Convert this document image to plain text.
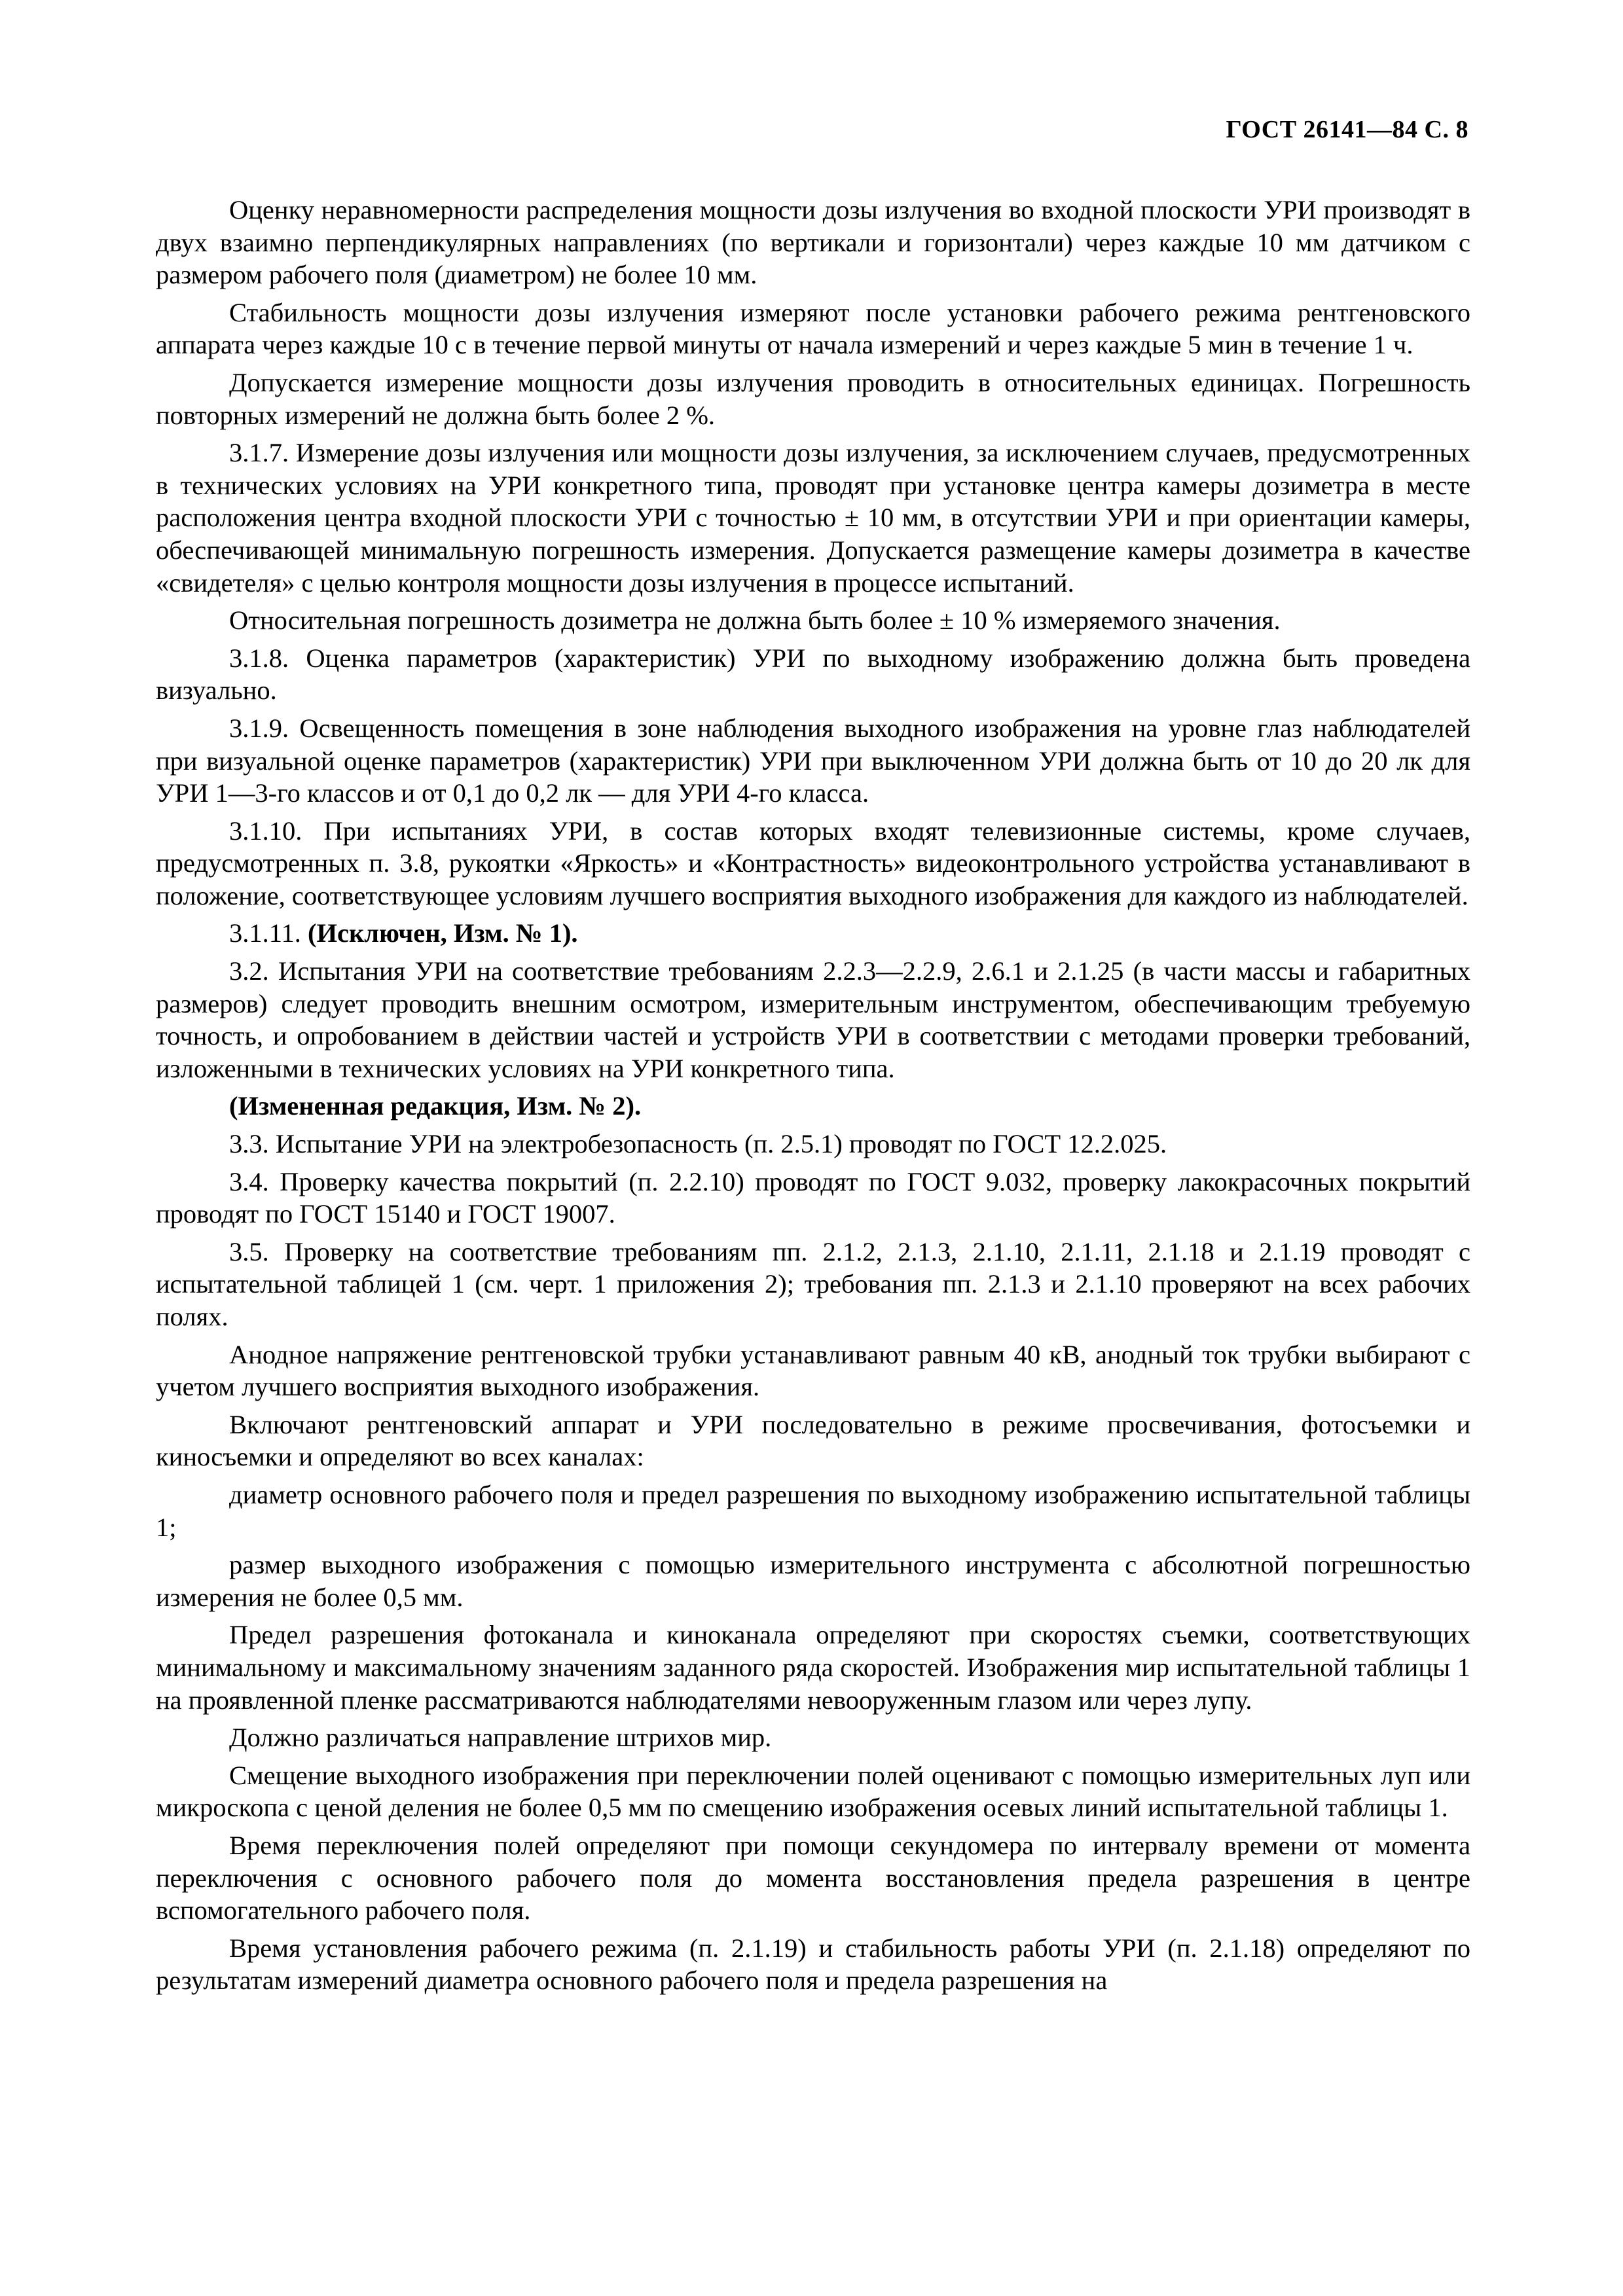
ГОСТ 26141—84 С. 8

Оценку неравномерности распределения мощности дозы излучения во входной плоскости УРИ производят в двух взаимно перпендикулярных направлениях (по вертикали и горизонтали) через каждые 10 мм датчиком с размером рабочего поля (диаметром) не более 10 мм.

Стабильность мощности дозы излучения измеряют после установки рабочего режима рентгеновского аппарата через каждые 10 с в течение первой минуты от начала измерений и через каждые 5 мин в течение 1 ч.

Допускается измерение мощности дозы излучения проводить в относительных единицах. Погрешность повторных измерений не должна быть более 2 %.

3.1.7. Измерение дозы излучения или мощности дозы излучения, за исключением случаев, предусмотренных в технических условиях на УРИ конкретного типа, проводят при установке центра камеры дозиметра в месте расположения центра входной плоскости УРИ с точностью ± 10 мм, в отсутствии УРИ и при ориентации камеры, обеспечивающей минимальную погрешность измерения. Допускается размещение камеры дозиметра в качестве «свидетеля» с целью контроля мощности дозы излучения в процессе испытаний.

Относительная погрешность дозиметра не должна быть более ± 10 % измеряемого значения.

3.1.8. Оценка параметров (характеристик) УРИ по выходному изображению должна быть проведена визуально.

3.1.9. Освещенность помещения в зоне наблюдения выходного изображения на уровне глаз наблюдателей при визуальной оценке параметров (характеристик) УРИ при выключенном УРИ должна быть от 10 до 20 лк для УРИ 1—3-го классов и от 0,1 до 0,2 лк — для УРИ 4-го класса.

3.1.10. При испытаниях УРИ, в состав которых входят телевизионные системы, кроме случаев, предусмотренных п. 3.8, рукоятки «Яркость» и «Контрастность» видеоконтрольного устройства устанавливают в положение, соответствующее условиям лучшего восприятия выходного изображения для каждого из наблюдателей.

3.1.11. (Исключен, Изм. № 1).

3.2. Испытания УРИ на соответствие требованиям 2.2.3—2.2.9, 2.6.1 и 2.1.25 (в части массы и габаритных размеров) следует проводить внешним осмотром, измерительным инструментом, обеспечивающим требуемую точность, и опробованием в действии частей и устройств УРИ в соответствии с методами проверки требований, изложенными в технических условиях на УРИ конкретного типа.

(Измененная редакция, Изм. № 2).

3.3. Испытание УРИ на электробезопасность (п. 2.5.1) проводят по ГОСТ 12.2.025.

3.4. Проверку качества покрытий (п. 2.2.10) проводят по ГОСТ 9.032, проверку лакокрасочных покрытий проводят по ГОСТ 15140 и ГОСТ 19007.

3.5. Проверку на соответствие требованиям пп. 2.1.2, 2.1.3, 2.1.10, 2.1.11, 2.1.18 и 2.1.19 проводят с испытательной таблицей 1 (см. черт. 1 приложения 2); требования пп. 2.1.3 и 2.1.10 проверяют на всех рабочих полях.

Анодное напряжение рентгеновской трубки устанавливают равным 40 кВ, анодный ток трубки выбирают с учетом лучшего восприятия выходного изображения.

Включают рентгеновский аппарат и УРИ последовательно в режиме просвечивания, фотосъемки и киносъемки и определяют во всех каналах:

диаметр основного рабочего поля и предел разрешения по выходному изображению испытательной таблицы 1;

размер выходного изображения с помощью измерительного инструмента с абсолютной погрешностью измерения не более 0,5 мм.

Предел разрешения фотоканала и киноканала определяют при скоростях съемки, соответствующих минимальному и максимальному значениям заданного ряда скоростей. Изображения мир испытательной таблицы 1 на проявленной пленке рассматриваются наблюдателями невооруженным глазом или через лупу.

Должно различаться направление штрихов мир.

Смещение выходного изображения при переключении полей оценивают с помощью измерительных луп или микроскопа с ценой деления не более 0,5 мм по смещению изображения осевых линий испытательной таблицы 1.

Время переключения полей определяют при помощи секундомера по интервалу времени от момента переключения с основного рабочего поля до момента восстановления предела разрешения в центре вспомогательного рабочего поля.

Время установления рабочего режима (п. 2.1.19) и стабильность работы УРИ (п. 2.1.18) определяют по результатам измерений диаметра основного рабочего поля и предела разрешения на
